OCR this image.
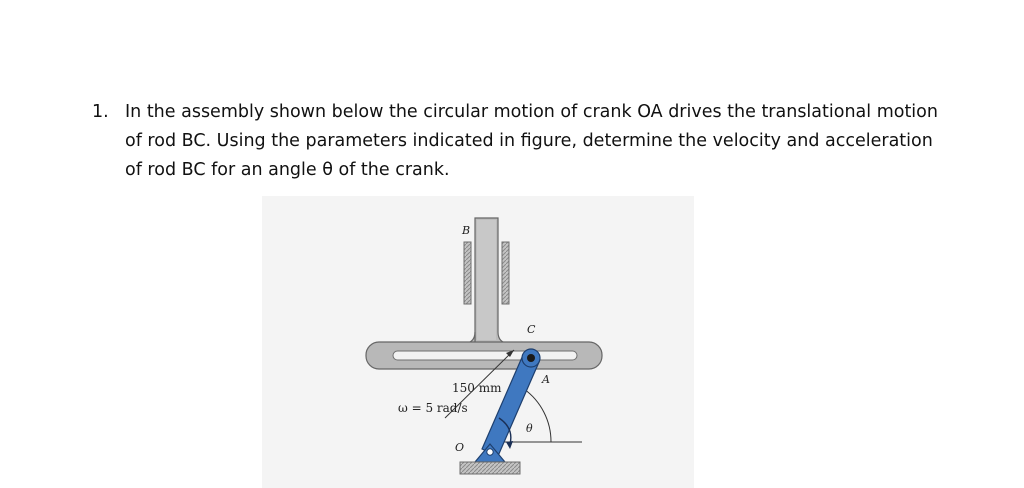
1. In the assembly shown below the circular motion of crank OA drives the translational motion of rod BC. Using the parameters indicated in figure, determine the velocity and acceleration of rod BC for an angle θ of the crank.
B
C
A
O
θ
150 mm
ω = 5 rad/s
